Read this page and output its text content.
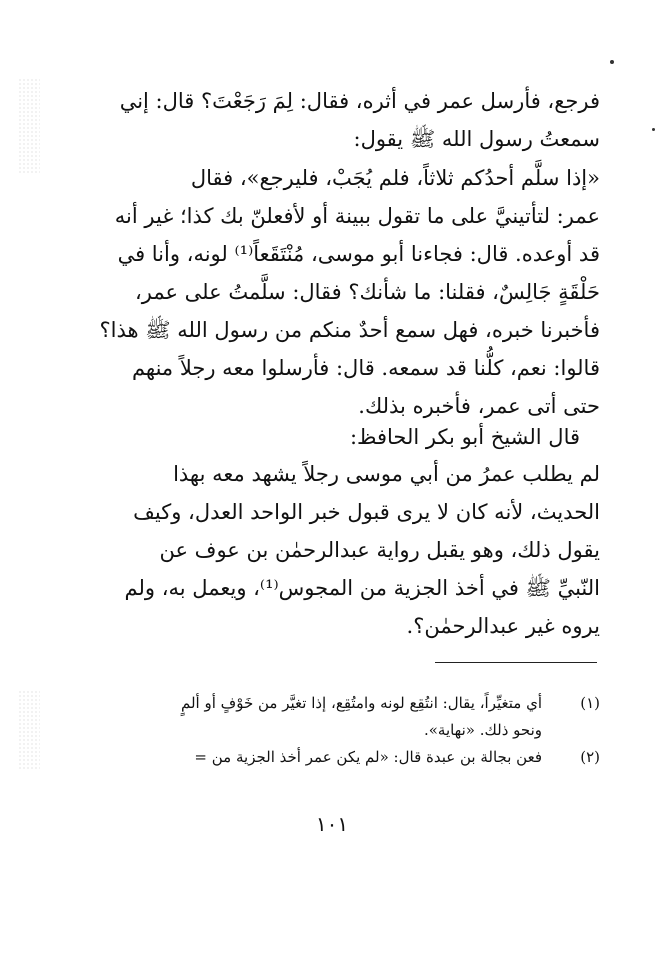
فرجع، فأرسل عمر في أثره، فقال: لِمَ رَجَعْتَ؟ قال: إني
سمعتُ رسول الله ﷺ يقول:
«إذا سلَّم أحدُكم ثلاثاً، فلم يُجَبْ، فليرجع»، فقال
عمر: لتأتينيَّ على ما تقول ببينة أو لأفعلنّ بك كذا؛ غير أنه
قد أوعده. قال: فجاءنا أبو موسى، مُنْتَقَعاً⁽¹⁾ لونه، وأنا في
حَلْقَةٍ جَالِسٌ، فقلنا: ما شأنك؟ فقال: سلَّمتُ على عمر،
فأخبرنا خبره، فهل سمع أحدٌ منكم من رسول الله ﷺ هذا؟
قالوا: نعم، كلُّنا قد سمعه. قال: فأرسلوا معه رجلاً منهم
حتى أتى عمر، فأخبره بذلك.
قال الشيخ أبو بكر الحافظ:
لم يطلب عمرُ من أبي موسى رجلاً يشهد معه بهذا
الحديث، لأنه كان لا يرى قبول خبر الواحد العدل، وكيف
يقول ذلك، وهو يقبل رواية عبدالرحمٰن بن عوف عن
النّبيِّ ﷺ في أخذ الجزية من المجوس⁽¹⁾، ويعمل به، ولم
يروه غير عبدالرحمٰن؟.
(١)
أي متغيِّراً، يقال: انتُقِع لونه وامتُقِع، إذا تغيَّر من خَوْفٍ أو ألمٍ
ونحو ذلك. «نهاية».
(٢)
فعن بجالة بن عبدة قال: «لم يكن عمر أخذ الجزية من =
١٠١
